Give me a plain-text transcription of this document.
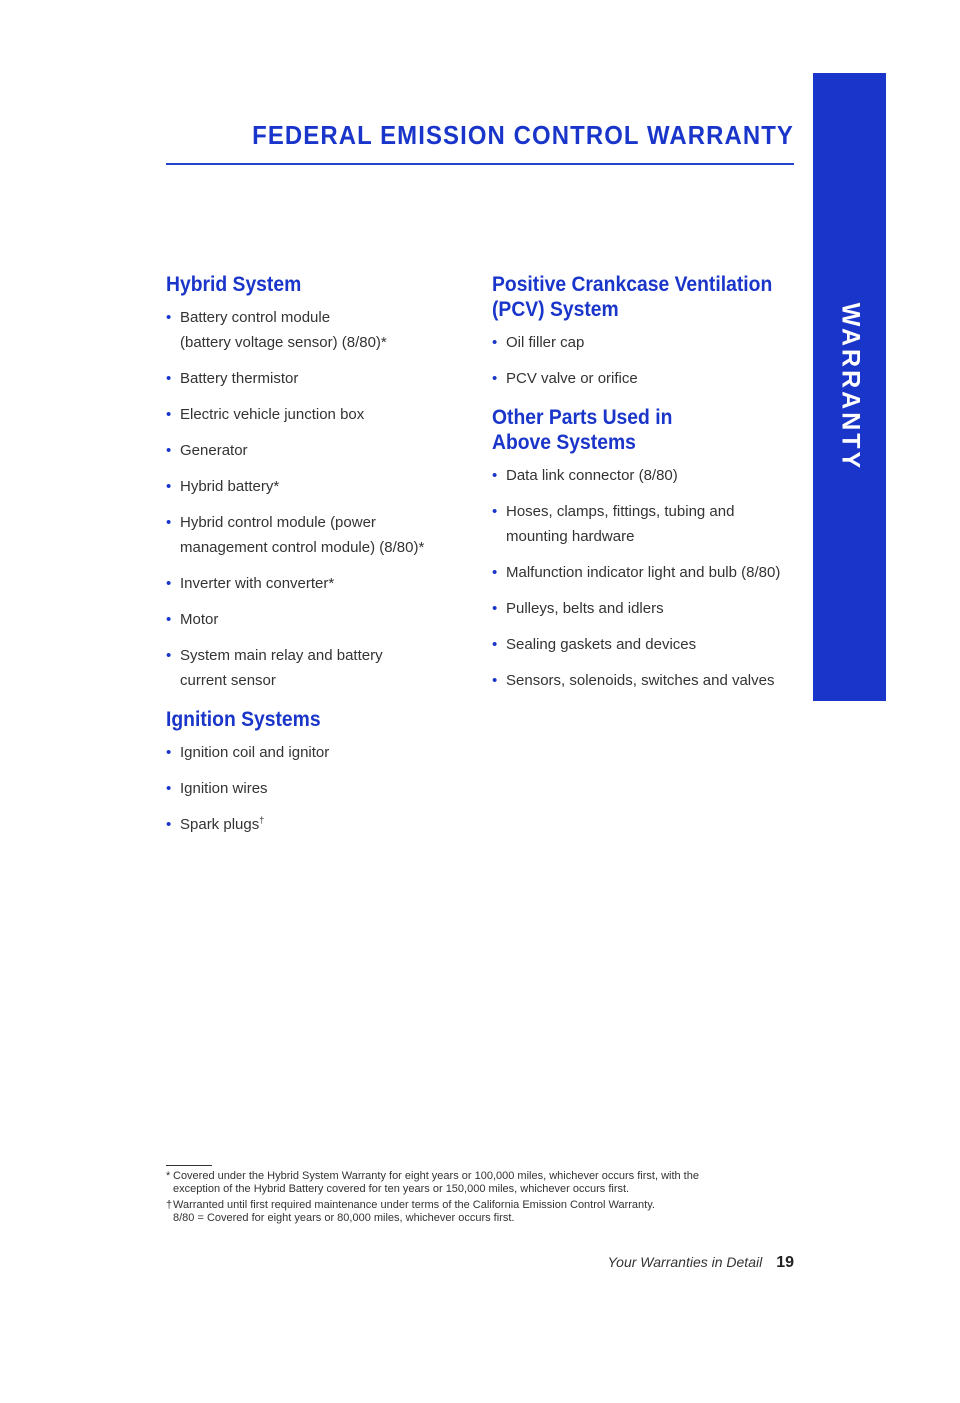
FEDERAL EMISSION CONTROL WARRANTY
WARRANTY
Hybrid System
• Battery control module
(battery voltage sensor) (8/80)*
• Battery thermistor
• Electric vehicle junction box
• Generator
• Hybrid battery*
• Hybrid control module (power
management control module) (8/80)*
• Inverter with converter*
• Motor
• System main relay and battery
current sensor
Ignition Systems
• Ignition coil and ignitor
• Ignition wires
• Spark plugs†
Positive Crankcase Ventilation
(PCV) System
• Oil filler cap
• PCV valve or orifice
Other Parts Used in
Above Systems
• Data link connector (8/80)
• Hoses, clamps, fittings, tubing and
mounting hardware
• Malfunction indicator light and bulb (8/80)
• Pulleys, belts and idlers
• Sealing gaskets and devices
• Sensors, solenoids, switches and valves
* Covered under the Hybrid System Warranty for eight years or 100,000 miles, whichever occurs first, with the
exception of the Hybrid Battery covered for ten years or 150,000 miles, whichever occurs first.
†Warranted until first required maintenance under terms of the California Emission Control Warranty.
8/80 = Covered for eight years or 80,000 miles, whichever occurs first.
Your Warranties in Detail 19
